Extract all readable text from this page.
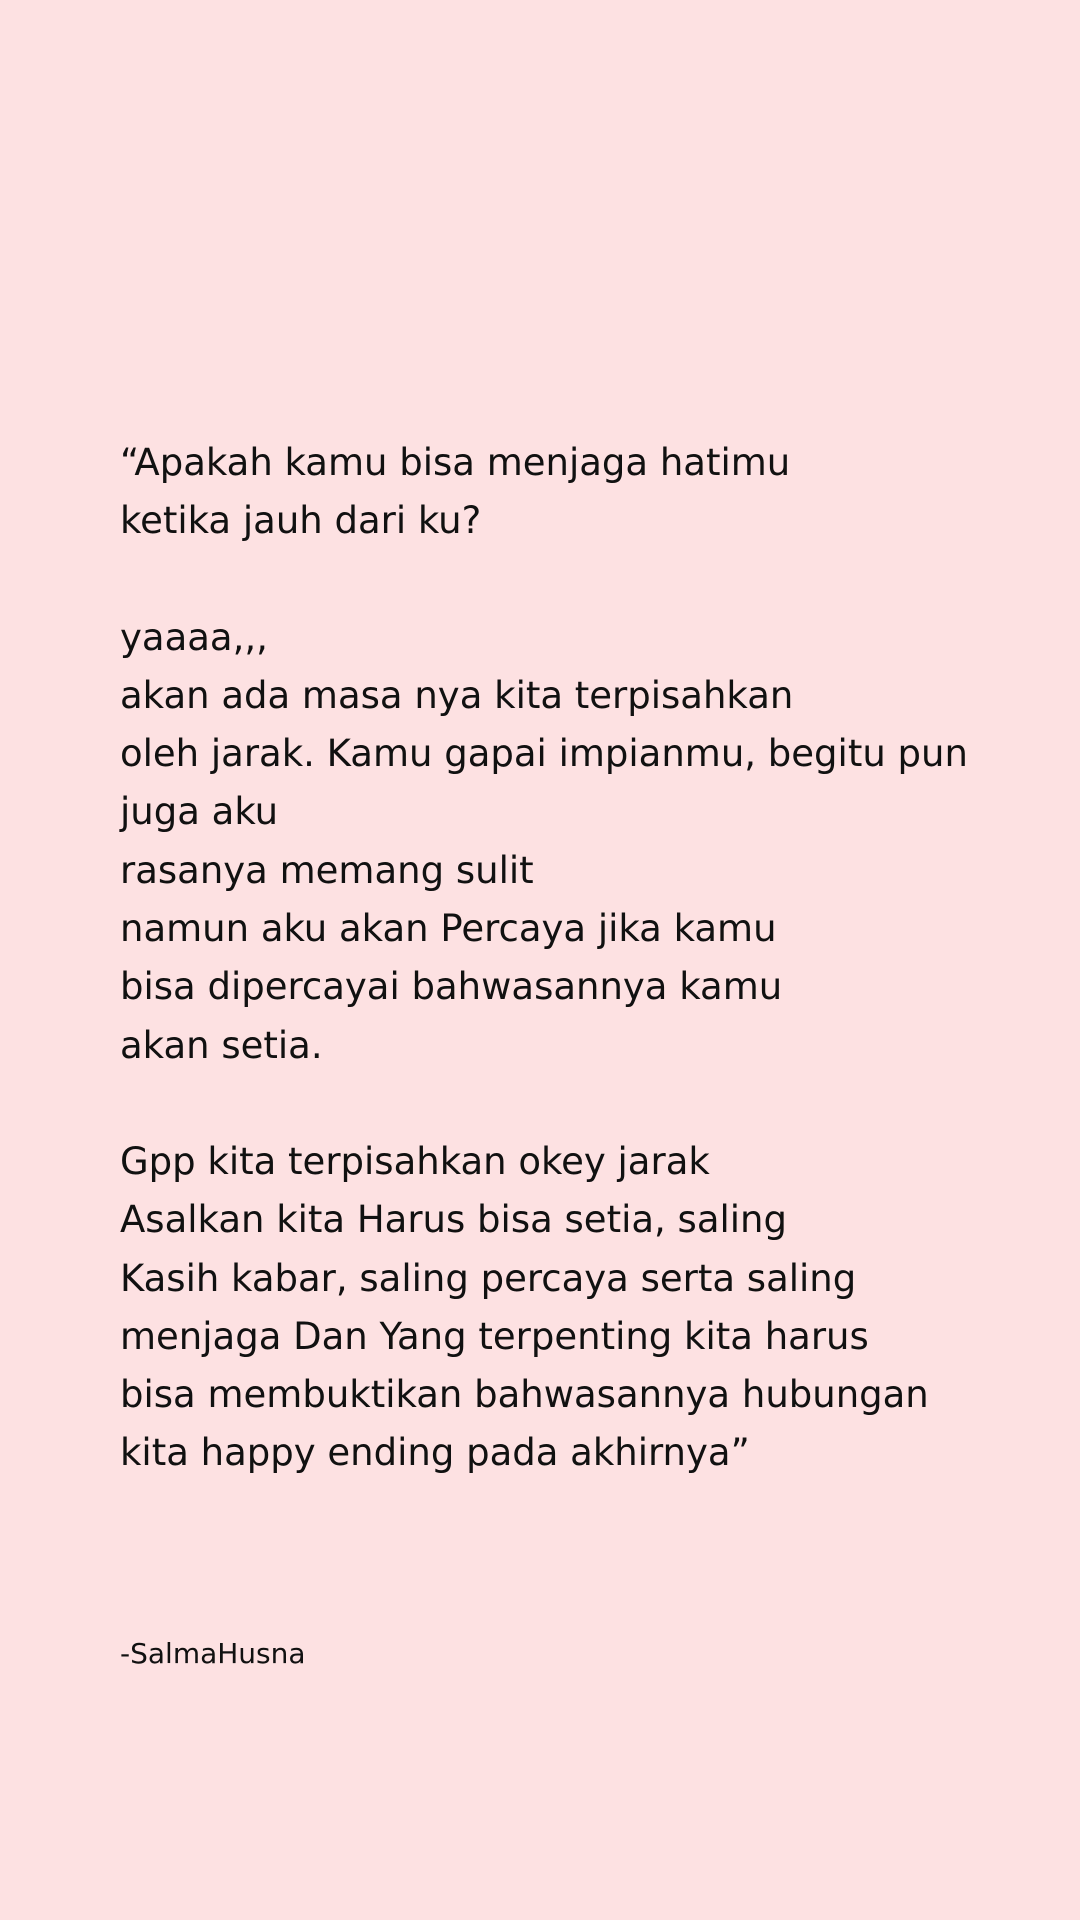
“Apakah kamu bisa menjaga hatimu
ketika jauh dari ku?
yaaaa,,,
akan ada masa nya kita terpisahkan
oleh jarak. Kamu gapai impianmu, begitu pun
juga aku
rasanya memang sulit
namun aku akan Percaya jika kamu
bisa dipercayai bahwasannya kamu
akan setia.
Gpp kita terpisahkan okey jarak
Asalkan kita Harus bisa setia, saling
Kasih kabar, saling percaya serta saling
menjaga Dan Yang terpenting kita harus
bisa membuktikan bahwasannya hubungan
kita happy ending pada akhirnya”
-SalmaHusna
